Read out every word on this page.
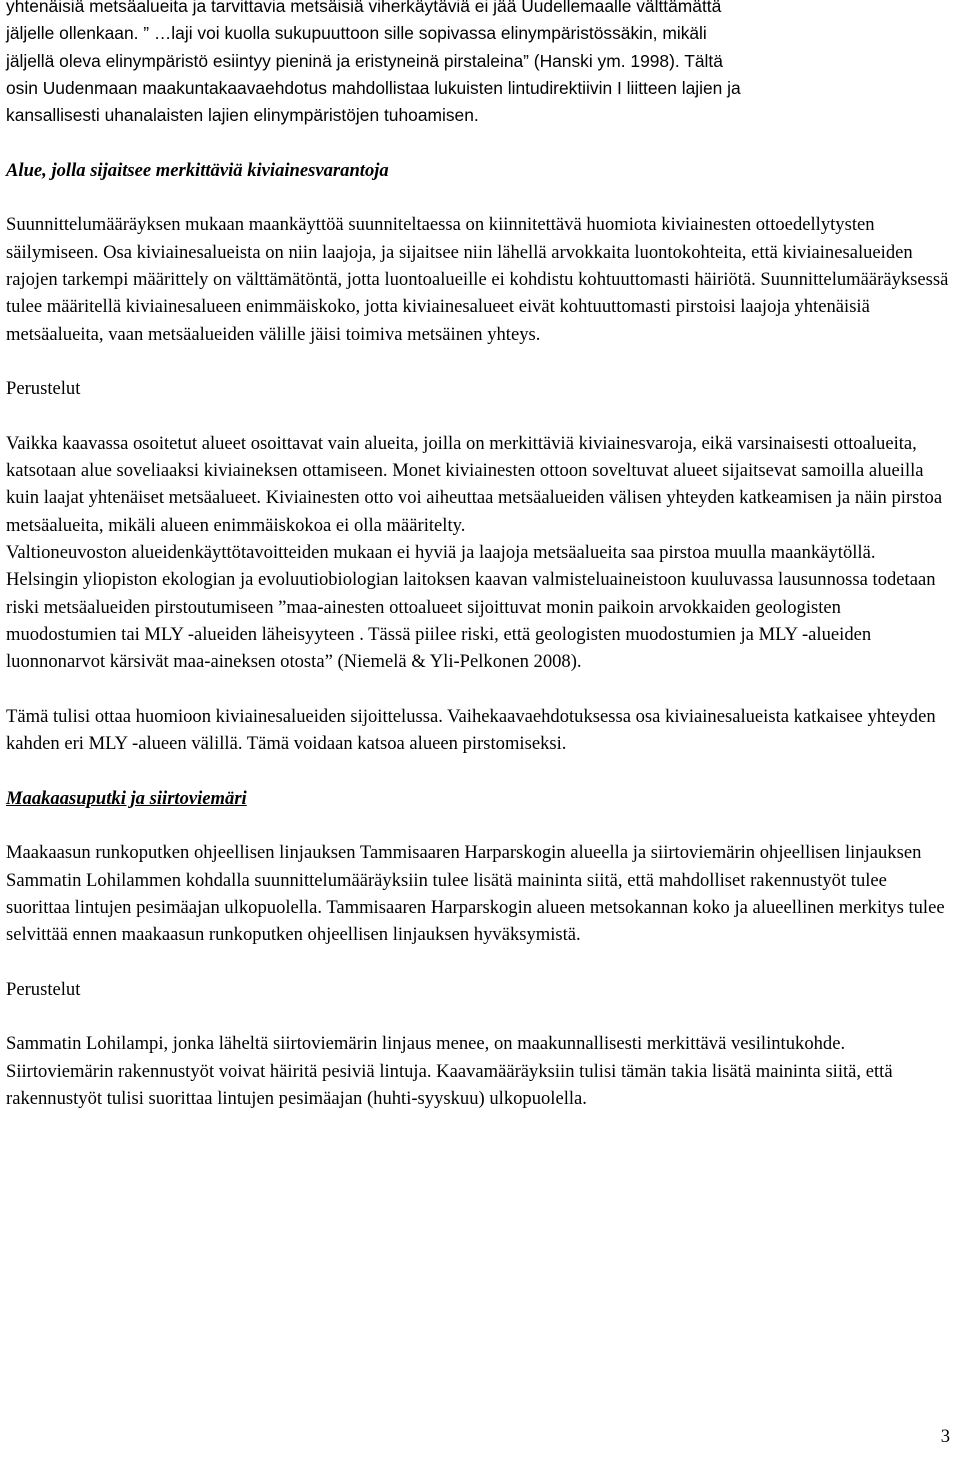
yhtenäisiä metsäalueita ja tarvittavia metsäisiä viherkäytäviä ei jää Uudellemaalle välttämättä

jäljelle ollenkaan. ” …laji voi kuolla sukupuuttoon sille sopivassa elinympäristössäkin, mikäli

jäljellä oleva elinympäristö esiintyy pieninä ja eristyneinä pirstaleina” (Hanski ym. 1998). Tältä

osin Uudenmaan maakuntakaavaehdotus mahdollistaa lukuisten lintudirektiivin I liitteen lajien ja

kansallisesti uhanalaisten lajien elinympäristöjen tuhoamisen.

Alue, jolla sijaitsee merkittäviä kiviainesvarantoja

Suunnittelumääräyksen mukaan maankäyttöä suunniteltaessa on kiinnitettävä huomiota kiviainesten ottoedellytysten säilymiseen. Osa kiviainesalueista on niin laajoja, ja sijaitsee niin lähellä arvokkaita luontokohteita, että kiviainesalueiden rajojen tarkempi määrittely on välttämätöntä, jotta luontoalueille ei kohdistu kohtuuttomasti häiriötä. Suunnittelumääräyksessä tulee määritellä kiviainesalueen enimmäiskoko, jotta kiviainesalueet eivät kohtuuttomasti pirstoisi laajoja yhtenäisiä metsäalueita, vaan metsäalueiden välille jäisi toimiva metsäinen yhteys.

Perustelut

Vaikka kaavassa osoitetut alueet osoittavat vain alueita, joilla on merkittäviä kiviainesvaroja, eikä varsinaisesti ottoalueita, katsotaan alue soveliaaksi kiviaineksen ottamiseen. Monet kiviainesten ottoon soveltuvat alueet sijaitsevat samoilla alueilla kuin laajat yhtenäiset metsäalueet. Kiviainesten otto voi aiheuttaa metsäalueiden välisen yhteyden katkeamisen ja näin pirstoa metsäalueita, mikäli alueen enimmäiskokoa ei olla määritelty.

Valtioneuvoston alueidenkäyttötavoitteiden mukaan ei hyviä ja laajoja metsäalueita saa pirstoa muulla maankäytöllä. Helsingin yliopiston ekologian ja evoluutiobiologian laitoksen kaavan valmisteluaineistoon kuuluvassa lausunnossa todetaan riski metsäalueiden pirstoutumiseen ”maa-ainesten ottoalueet sijoittuvat monin paikoin arvokkaiden geologisten muodostumien tai MLY -alueiden läheisyyteen . Tässä piilee riski, että geologisten muodostumien ja MLY -alueiden luonnonarvot kärsivät maa-aineksen otosta” (Niemelä & Yli-Pelkonen 2008).

Tämä tulisi ottaa huomioon kiviainesalueiden sijoittelussa. Vaihekaavaehdotuksessa osa kiviainesalueista katkaisee yhteyden kahden eri MLY -alueen välillä. Tämä voidaan katsoa alueen pirstomiseksi.

Maakaasuputki ja siirtoviemäri

Maakaasun runkoputken ohjeellisen linjauksen Tammisaaren Harparskogin alueella ja siirtoviemärin ohjeellisen linjauksen Sammatin Lohilammen kohdalla suunnittelumääräyksiin tulee lisätä maininta siitä, että mahdolliset rakennustyöt tulee suorittaa lintujen pesimäajan ulkopuolella. Tammisaaren Harparskogin alueen metsokannan koko ja alueellinen merkitys tulee selvittää ennen maakaasun runkoputken ohjeellisen linjauksen hyväksymistä.

Perustelut

Sammatin Lohilampi, jonka läheltä siirtoviemärin linjaus menee, on maakunnallisesti merkittävä vesilintukohde. Siirtoviemärin rakennustyöt voivat häiritä pesiviä lintuja. Kaavamääräyksiin tulisi tämän takia lisätä maininta siitä, että rakennustyöt tulisi suorittaa lintujen pesimäajan (huhti-syyskuu) ulkopuolella.

3
